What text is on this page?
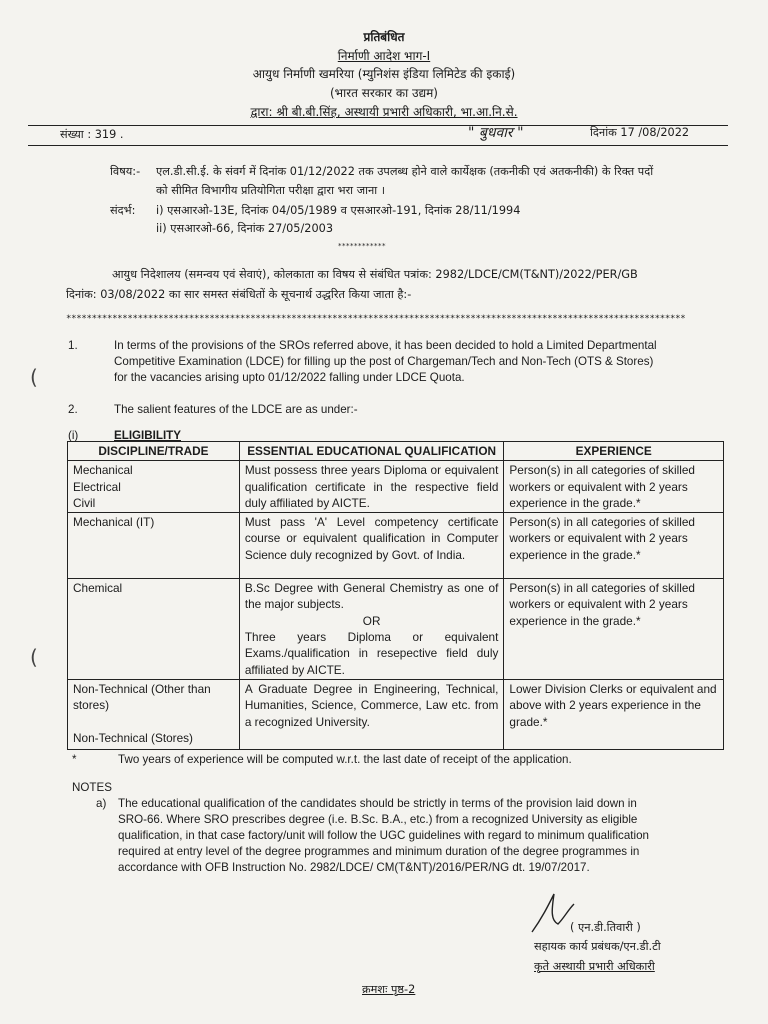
प्रतिबंधित
निर्माणी आदेश भाग-I
आयुध निर्माणी खमरिया (म्युनिशंस इंडिया लिमिटेड की इकाई)
(भारत सरकार का उद्यम)
द्वारा: श्री बी.बी.सिंह, अस्थायी प्रभारी अधिकारी, भा.आ.नि.से.
संख्या : 319 .	" बुधवार "	दिनांक 17 /08/2022
विषय:- एल.डी.सी.ई. के संवर्ग में दिनांक 01/12/2022 तक उपलब्ध होने वाले कार्येक्षक (तकनीकी एवं अतकनीकी) के रिक्त पदों
को सीमित विभागीय प्रतियोगिता परीक्षा द्वारा भरा जाना ।
संदर्भ: i) एसआरओ-13E, दिनांक 04/05/1989 व एसआरओ-191, दिनांक 28/11/1994
ii) एसआरओ-66, दिनांक 27/05/2003
************
आयुध निदेशालय (समन्वय एवं सेवाएं), कोलकाता का विषय से संबंधित पत्रांक: 2982/LDCE/CM(T&NT)/2022/PER/GB
दिनांक: 03/08/2022 का सार समस्त संबंधितों के सूचनार्थ उद्धरित किया जाता है:-
*************************************************************************************************************************
1.	In terms of the provisions of the SROs referred above, it has been decided to hold a Limited Departmental
Competitive Examination (LDCE) for filling up the post of Chargeman/Tech and Non-Tech (OTS & Stores)
for the vacancies arising upto 01/12/2022 falling under LDCE Quota.
(
2.	The salient features of the LDCE are as under:-
(i)	ELIGIBILITY
DISCIPLINE/TRADE	ESSENTIAL EDUCATIONAL QUALIFICATION	EXPERIENCE

Mechanical
Electrical
Civil	Must possess three years Diploma or equivalent qualification certificate in the respective field duly affiliated by AICTE.	Person(s) in all categories of skilled workers or equivalent with 2 years experience in the grade.*

Mechanical (IT)	Must pass 'A' Level competency certificate course or equivalent qualification in Computer Science duly recognized by Govt. of India.	Person(s) in all categories of skilled workers or equivalent with 2 years experience in the grade.*

Chemical	B.Sc Degree with General Chemistry as one of the major subjects.
OR
Three years Diploma or equivalent Exams./qualification in resepective field duly affiliated by AICTE.	Person(s) in all categories of skilled workers or equivalent with 2 years experience in the grade.*

Non-Technical (Other than stores)
Non-Technical (Stores)	A Graduate Degree in Engineering, Technical, Humanities, Science, Commerce, Law etc. from a recognized University.	Lower Division Clerks or equivalent and above with 2 years experience in the grade.*
(
*	Two years of experience will be computed w.r.t. the last date of receipt of the application.
NOTES
a) The educational qualification of the candidates should be strictly in terms of the provision laid down in
SRO-66. Where SRO prescribes degree (i.e. B.Sc. B.A., etc.) from a recognized University as eligible
qualification, in that case factory/unit will follow the UGC guidelines with regard to minimum qualification
required at entry level of the degree programmes and minimum duration of the degree programmes in
accordance with OFB Instruction No. 2982/LDCE/ CM(T&NT)/2016/PER/NG dt. 19/07/2017.
( एन.डी.तिवारी )
सहायक कार्य प्रबंधक/एन.डी.टी
कृते अस्थायी प्रभारी अधिकारी
क्रमशः पृष्ठ-2
